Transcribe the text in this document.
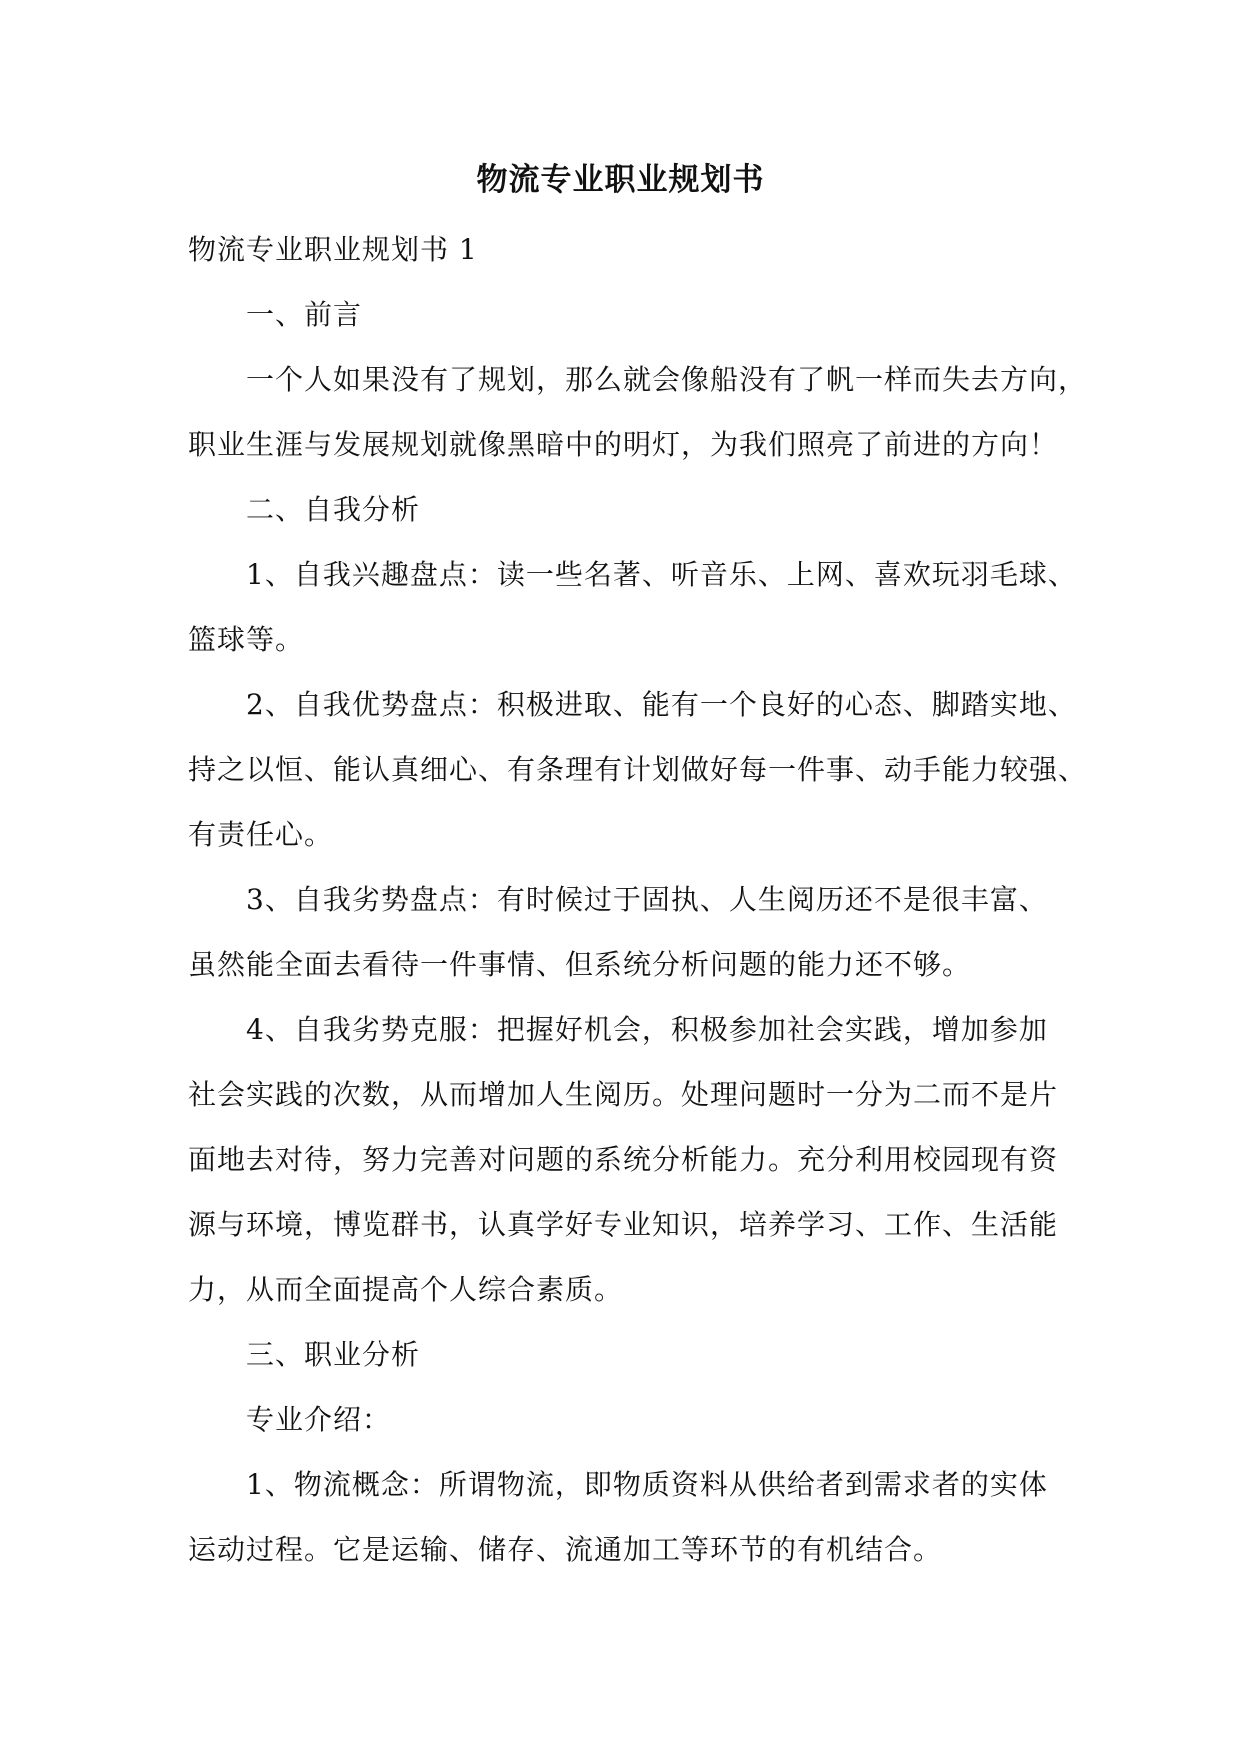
物流专业职业规划书
物流专业职业规划书 1
一、前言
一个人如果没有了规划，那么就会像船没有了帆一样而失去方向，
职业生涯与发展规划就像黑暗中的明灯，为我们照亮了前进的方向！
二、自我分析
1、自我兴趣盘点：读一些名著、听音乐、上网、喜欢玩羽毛球、
篮球等。
2、自我优势盘点：积极进取、能有一个良好的心态、脚踏实地、
持之以恒、能认真细心、有条理有计划做好每一件事、动手能力较强、
有责任心。
3、自我劣势盘点：有时候过于固执、人生阅历还不是很丰富、
虽然能全面去看待一件事情、但系统分析问题的能力还不够。
4、自我劣势克服：把握好机会，积极参加社会实践，增加参加
社会实践的次数，从而增加人生阅历。处理问题时一分为二而不是片
面地去对待，努力完善对问题的系统分析能力。充分利用校园现有资
源与环境，博览群书，认真学好专业知识，培养学习、工作、生活能
力，从而全面提高个人综合素质。
三、职业分析
专业介绍：
1、物流概念：所谓物流，即物质资料从供给者到需求者的实体
运动过程。它是运输、储存、流通加工等环节的有机结合。
